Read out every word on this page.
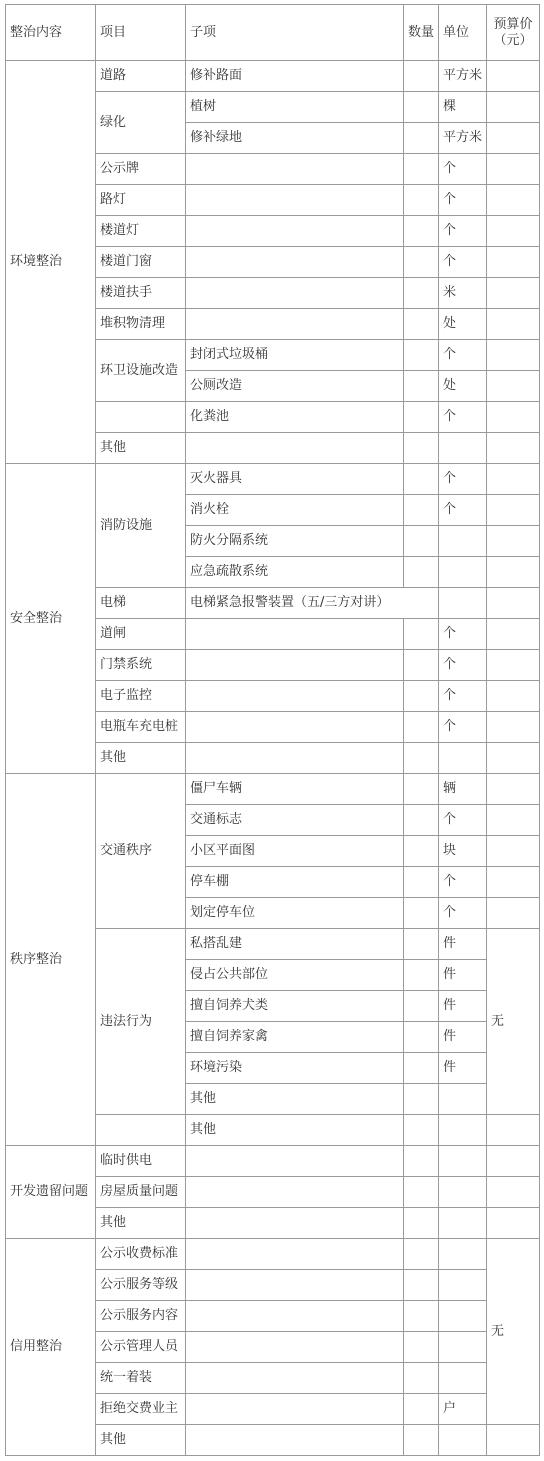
整治内容	项目	子项	数量	单位	预算价
（元）
环境整治	道路	修补路面		平方米	
	绿化	植树		棵	
		修补绿地		平方米	
	公示牌			个	
	路灯			个	
	楼道灯			个	
	楼道门窗			个	
	楼道扶手			米	
	堆积物清理			处	
	环卫设施改造	封闭式垃圾桶		个	
		公厕改造		处	
		化粪池		个	
	其他				
安全整治	消防设施	灭火器具		个	
		消火栓		个	
		防火分隔系统			
		应急疏散系统			
	电梯	电梯紧急报警装置（五/三方对讲）			
	道闸			个	
	门禁系统			个	
	电子监控			个	
	电瓶车充电桩			个	
	其他				
秩序整治	交通秩序	僵尸车辆		辆	
		交通标志		个	
		小区平面图		块	
		停车棚		个	
		划定停车位		个	
	违法行为	私搭乱建		件	无
		侵占公共部位		件	
		擅自饲养犬类		件	
		擅自饲养家禽		件	
		环境污染		件	
		其他			
		其他			
开发遗留问题	临时供电				
	房屋质量问题				
	其他				
信用整治	公示收费标准				无
	公示服务等级				
	公示服务内容				
	公示管理人员				
	统一着装				
	拒绝交费业主			户	
	其他				
